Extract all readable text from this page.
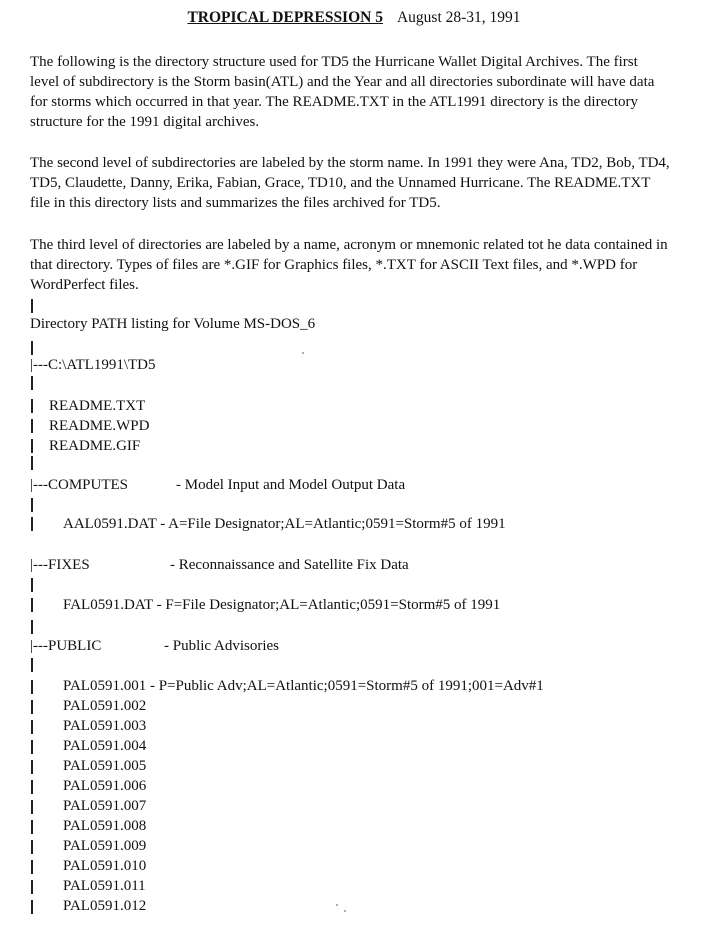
TROPICAL DEPRESSION 5 August 28-31, 1991
The following is the directory structure used for TD5 the Hurricane Wallet Digital Archives. The first level of subdirectory is the Storm basin(ATL) and the Year and all directories subordinate will have data for storms which occurred in that year. The README.TXT in the ATL1991 directory is the directory structure for the 1991 digital archives.
The second level of subdirectories are labeled by the storm name. In 1991 they were Ana, TD2, Bob, TD4, TD5, Claudette, Danny, Erika, Fabian, Grace, TD10, and the Unnamed Hurricane. The README.TXT file in this directory lists and summarizes the files archived for TD5.
The third level of directories are labeled by a name, acronym or mnemonic related tot he data contained in that directory. Types of files are *.GIF for Graphics files, *.TXT for ASCII Text files, and *.WPD for WordPerfect files.
Directory PATH listing for Volume MS-DOS_6
|---C:\ATL1991\TD5
README.TXT
README.WPD
README.GIF
|---COMPUTES	- Model Input and Model Output Data
AAL0591.DAT - A=File Designator;AL=Atlantic;0591=Storm#5 of 1991
|---FIXES	- Reconnaissance and Satellite Fix Data
FAL0591.DAT - F=File Designator;AL=Atlantic;0591=Storm#5 of 1991
|---PUBLIC	- Public Advisories
PAL0591.001 - P=Public Adv;AL=Atlantic;0591=Storm#5 of 1991;001=Adv#1
PAL0591.002
PAL0591.003
PAL0591.004
PAL0591.005
PAL0591.006
PAL0591.007
PAL0591.008
PAL0591.009
PAL0591.010
PAL0591.011
PAL0591.012
